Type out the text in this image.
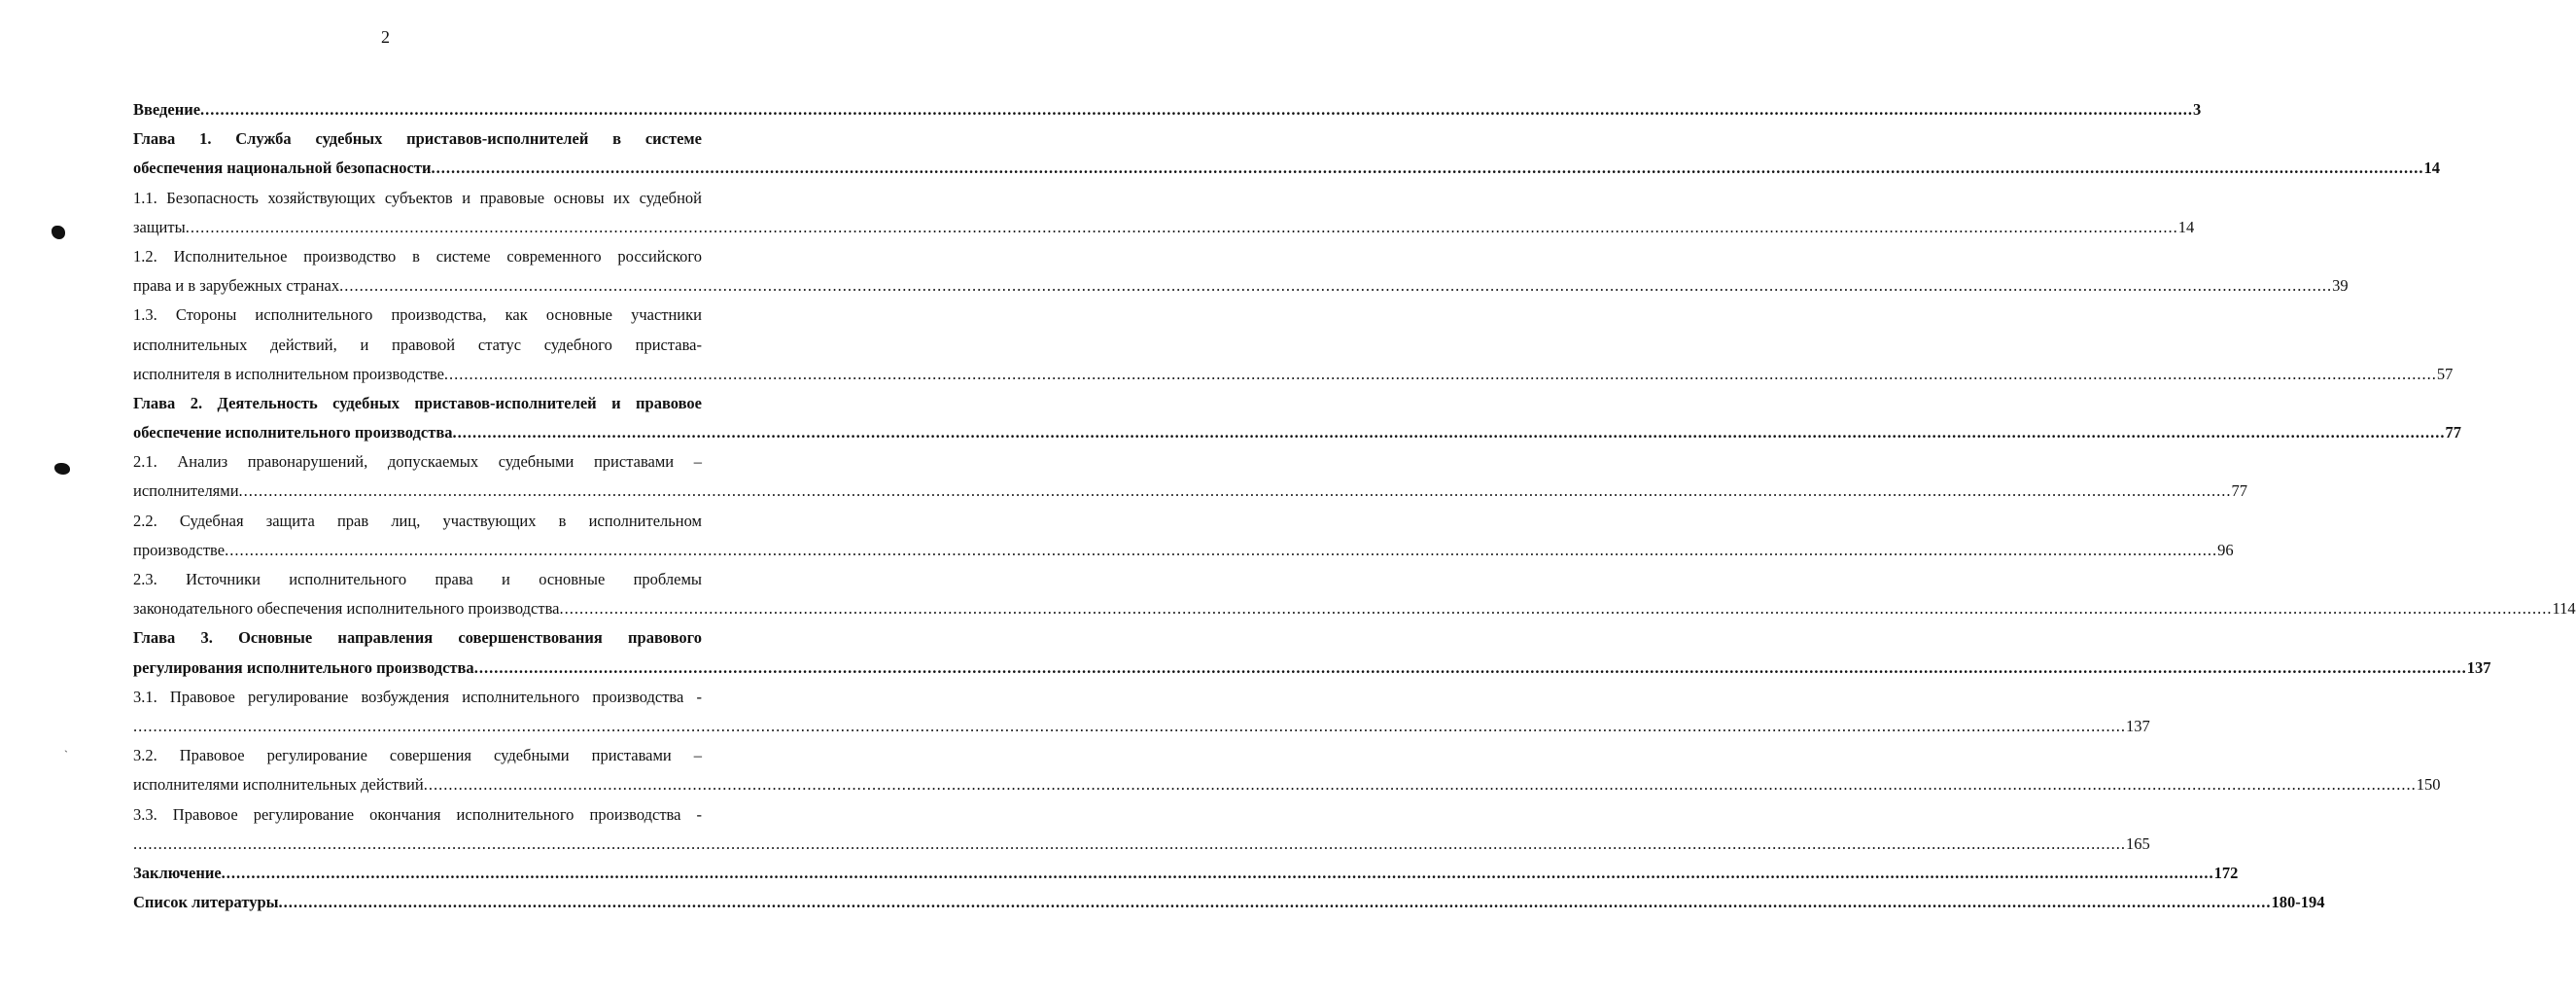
2
ˎ
Введение ................................................................................................................................................................................................................................................................................................................................................................................................................ 3
Глава 1. Служба судебных приставов-исполнителей в системе
обеспечения национальной безопасности ................................................................................................................................................................................................................................................................................................................................................................................................................ 14
1.1. Безопасность хозяйствующих субъектов и правовые основы их судебной
защиты ................................................................................................................................................................................................................................................................................................................................................................................................................ 14
1.2. Исполнительное производство в системе современного российского
права и в зарубежных странах ................................................................................................................................................................................................................................................................................................................................................................................................................ 39
1.3. Стороны исполнительного производства, как основные участники
исполнительных действий, и правовой статус судебного пристава-
исполнителя в исполнительном производстве ................................................................................................................................................................................................................................................................................................................................................................................................................ 57
Глава 2. Деятельность судебных приставов-исполнителей и правовое
обеспечение исполнительного производства ................................................................................................................................................................................................................................................................................................................................................................................................................ 77
2.1. Анализ правонарушений, допускаемых судебными приставами –
исполнителями ................................................................................................................................................................................................................................................................................................................................................................................................................ 77
2.2. Судебная защита прав лиц, участвующих в исполнительном
производстве ................................................................................................................................................................................................................................................................................................................................................................................................................ 96
2.3. Источники исполнительного права и основные проблемы
законодательного обеспечения исполнительного производства ................................................................................................................................................................................................................................................................................................................................................................................................................ 114
Глава 3. Основные направления совершенствования правового
регулирования исполнительного производства ................................................................................................................................................................................................................................................................................................................................................................................................................ 137
3.1. Правовое регулирование возбуждения исполнительного производства -
................................................................................................................................................................................................................................................................................................................................................................................................................ 137
3.2. Правовое регулирование совершения судебными приставами –
исполнителями исполнительных действий ................................................................................................................................................................................................................................................................................................................................................................................................................ 150
3.3. Правовое регулирование окончания исполнительного производства -
................................................................................................................................................................................................................................................................................................................................................................................................................ 165
Заключение ................................................................................................................................................................................................................................................................................................................................................................................................................ 172
Список литературы ................................................................................................................................................................................................................................................................................................................................................................................................................ 180-194
